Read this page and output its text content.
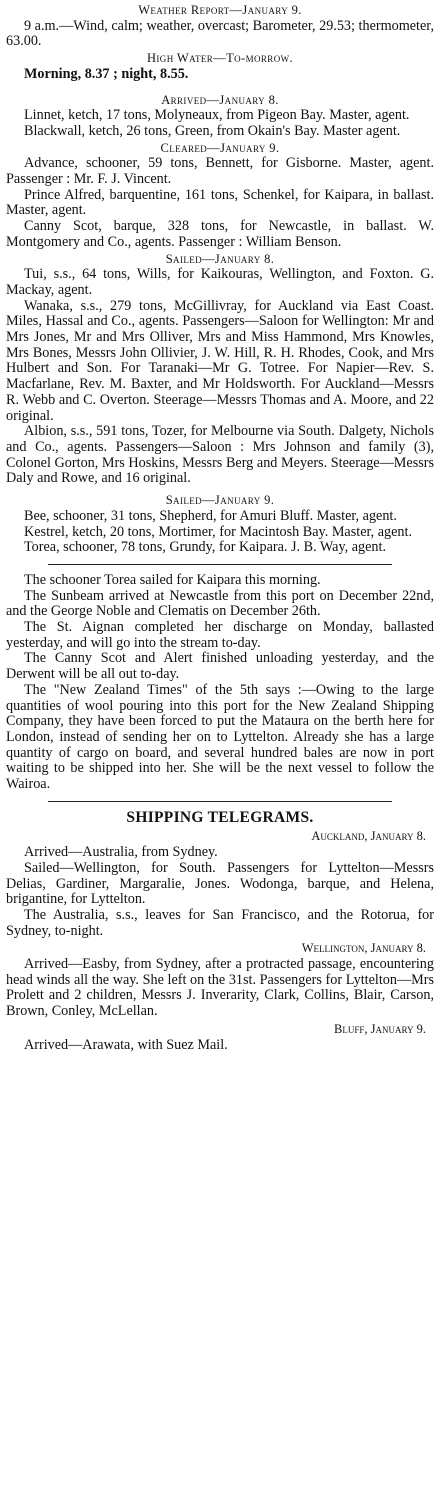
Weather Report—January 9.

9 a.m.—Wind, calm; weather, overcast; Barometer, 29.53; thermometer, 63.00.

High Water—To-morrow.

Morning, 8.37 ; night, 8.55.

Arrived—January 8.

Linnet, ketch, 17 tons, Molyneaux, from Pigeon Bay. Master, agent.

Blackwall, ketch, 26 tons, Green, from Okain's Bay. Master agent.

Cleared—January 9.

Advance, schooner, 59 tons, Bennett, for Gisborne. Master, agent. Passenger : Mr. F. J. Vincent.

Prince Alfred, barquentine, 161 tons, Schenkel, for Kaipara, in ballast. Master, agent.

Canny Scot, barque, 328 tons, for Newcastle, in ballast. W. Montgomery and Co., agents. Passenger : William Benson.

Sailed—January 8.

Tui, s.s., 64 tons, Wills, for Kaikouras, Wellington, and Foxton. G. Mackay, agent.

Wanaka, s.s., 279 tons, McGillivray, for Auckland via East Coast. Miles, Hassal and Co., agents. Passengers—Saloon for Wellington: Mr and Mrs Jones, Mr and Mrs Olliver, Mrs and Miss Hammond, Mrs Knowles, Mrs Bones, Messrs John Ollivier, J. W. Hill, R. H. Rhodes, Cook, and Mrs Hulbert and Son. For Taranaki—Mr G. Totree. For Napier—Rev. S. Macfarlane, Rev. M. Baxter, and Mr Holdsworth. For Auckland—Messrs R. Webb and C. Overton. Steerage—Messrs Thomas and A. Moore, and 22 original.

Albion, s.s., 591 tons, Tozer, for Melbourne via South. Dalgety, Nichols and Co., agents. Passengers—Saloon : Mrs Johnson and family (3), Colonel Gorton, Mrs Hoskins, Messrs Berg and Meyers. Steerage—Messrs Daly and Rowe, and 16 original.

Sailed—January 9.

Bee, schooner, 31 tons, Shepherd, for Amuri Bluff. Master, agent.

Kestrel, ketch, 20 tons, Mortimer, for Macintosh Bay. Master, agent.

Torea, schooner, 78 tons, Grundy, for Kaipara. J. B. Way, agent.

The schooner Torea sailed for Kaipara this morning.

The Sunbeam arrived at Newcastle from this port on December 22nd, and the George Noble and Clematis on December 26th.

The St. Aignan completed her discharge on Monday, ballasted yesterday, and will go into the stream to-day.

The Canny Scot and Alert finished unloading yesterday, and the Derwent will be all out to-day.

The "New Zealand Times" of the 5th says :—Owing to the large quantities of wool pouring into this port for the New Zealand Shipping Company, they have been forced to put the Mataura on the berth here for London, instead of sending her on to Lyttelton. Already she has a large quantity of cargo on board, and several hundred bales are now in port waiting to be shipped into her. She will be the next vessel to follow the Wairoa.

SHIPPING TELEGRAMS.
Auckland, January 8.

Arrived—Australia, from Sydney.

Sailed—Wellington, for South. Passengers for Lyttelton—Messrs Delias, Gardiner, Margaralie, Jones. Wodonga, barque, and Helena, brigantine, for Lyttelton.

The Australia, s.s., leaves for San Francisco, and the Rotorua, for Sydney, to-night.

Wellington, January 8.

Arrived—Easby, from Sydney, after a protracted passage, encountering head winds all the way. She left on the 31st. Passengers for Lyttelton—Mrs Prolett and 2 children, Messrs J. Inverarity, Clark, Collins, Blair, Carson, Brown, Conley, McLellan.

Bluff, January 9.

Arrived—Arawata, with Suez Mail.
